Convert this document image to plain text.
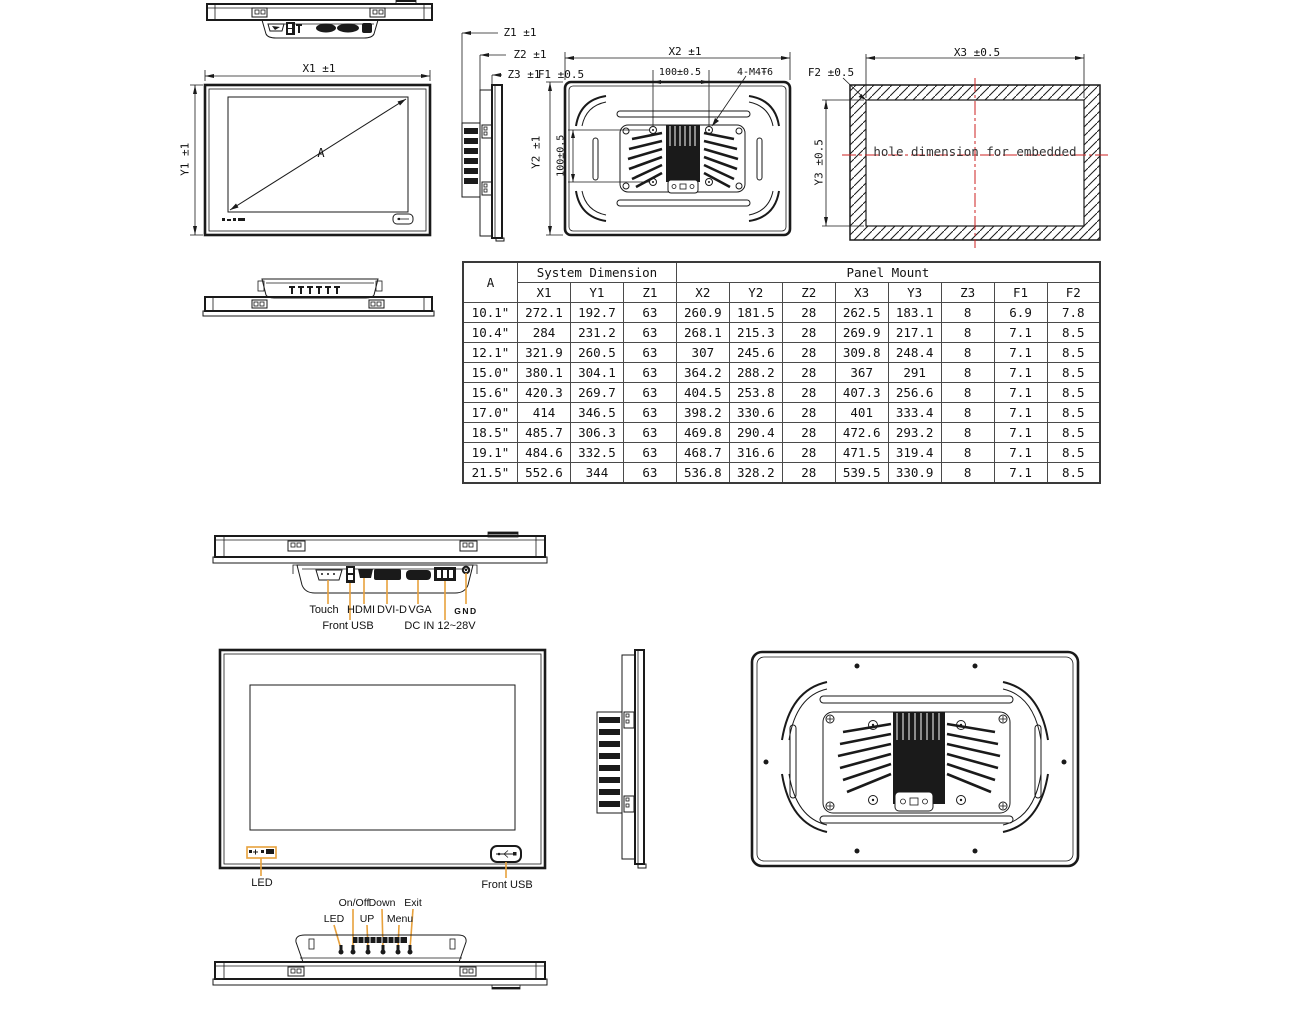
X1 ±1
Y1 ±1	A
Z1 ±1
Z2 ±1
Z3 ±1
F1 ±0.5
X2 ±1
100±0.5	4-M4Ŧ6
Y2 ±1 100±0.5
X3 ±0.5
F2 ±0.5
Y3 ±0.5	hole dimension for embedded
A	System Dimension			Panel Mount							
	X1	Y1	Z1	X2	Y2	Z2	X3	Y3	Z3	F1	F2
10.1"	272.1	192.7	63	260.9	181.5	28	262.5	183.1	8	6.9	7.8
10.4"	284	231.2	63	268.1	215.3	28	269.9	217.1	8	7.1	8.5
12.1"	321.9	260.5	63	307	245.6	28	309.8	248.4	8	7.1	8.5
15.0"	380.1	304.1	63	364.2	288.2	28	367	291	8	7.1	8.5
15.6"	420.3	269.7	63	404.5	253.8	28	407.3	256.6	8	7.1	8.5
17.0"	414	346.5	63	398.2	330.6	28	401	333.4	8	7.1	8.5
18.5"	485.7	306.3	63	469.8	290.4	28	472.6	293.2	8	7.1	8.5
19.1"	484.6	332.5	63	468.7	316.6	28	471.5	319.4	8	7.1	8.5
21.5"	552.6	344	63	536.8	328.2	28	539.5	330.9	8	7.1	8.5
Touch HDMI DVI-D VGA	GND
Front USB	DC IN 12~28V
LED	Front USB
On/Off Down Exit
LED	UP	Menu
